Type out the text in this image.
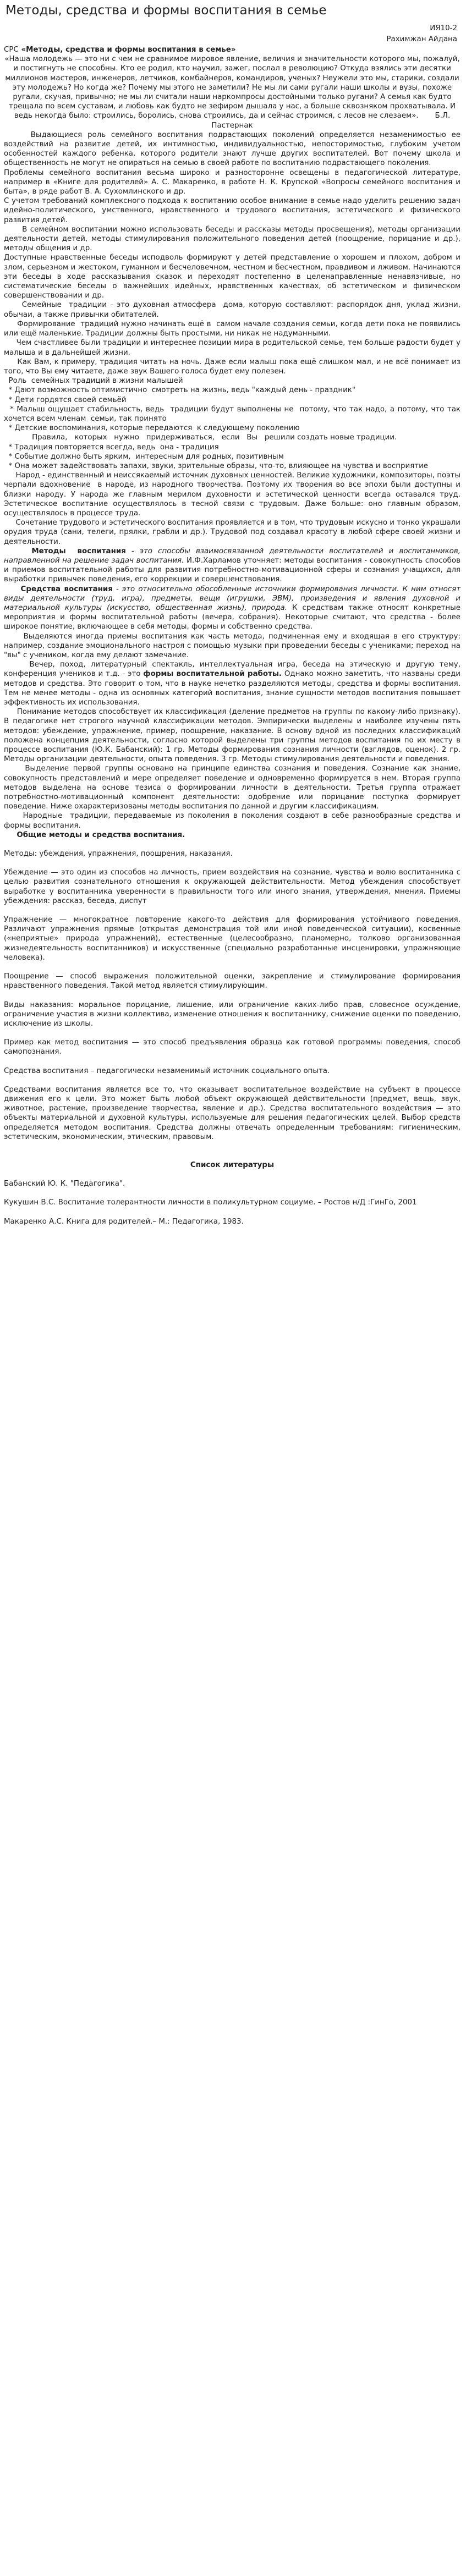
Методы, средства и формы воспитания в семье
ИЯ10-2
Рахимжан Айдана

СРС «Методы, средства и формы воспитания в семье»

«Наша молодежь — это ни с чем не сравнимое мировое явление, величия и значительности которого мы, пожалуй, и постигнуть не способны. Кто ее родил, кто научил, зажег, послал в революцию? Откуда взялись эти десятки миллионов мастеров, инженеров, летчиков, комбайнеров, командиров, ученых? Неужели это мы, старики, создали эту молодежь? Но когда же? Почему мы этого не заметили? Не мы ли сами ругали наши школы и вузы, похоже ругали, скучая, привычно; не мы ли считали наши наркомпросы достойными только ругани? А семья как будто трещала по всем суставам, и любовь как будто не зефиром дышала у нас, а больше сквозняком прохватывала. И ведь некогда было: строились, боролись, снова строились, да и сейчас строимся, с лесов не слезаем».       Б.Л. Пастернак

Выдающиеся роль семейного воспитания подрастающих поколений определяется незаменимостью ее воздействий на развитие детей, их интимностью, индивидуальностью, непосторимостью, глубоким учетом особенностей каждого ребенка, которого родители знают лучше других воспитателей. Вот почему школа и общественность не могут не опираться на семью в своей работе по воспитанию подрастающего поколения.

Проблемы семейного воспитания весьма широко и разносторонне освещены в педагогической литературе, например в «Книге для родителей» А. С. Макаренко, в работе Н. К. Крупской «Вопросы семейного воспитания и быта», в ряде работ В. А. Сухомлинского и др.

С учетом требований комплексного подхода к воспитанию особое внимание в семье надо уделить решению задач идейно-политического, умственного, нравственного и трудового воспитания, эстетического и физического развития детей.

В семейном воспитании можно использовать беседы и рассказы методы просвещения), методы организации деятельности детей, методы стимулирования положительного поведения детей (поощрение, порицание и др.), методы общения и др.

Доступные нравственные беседы исподволь формируют у детей представление о хорошем и плохом, добром и злом, серьезном и жестоком, гуманном и бесчеловечном, честном и бесчестном, правдивом и лживом. Начинаются эти беседы в ходе рассказывания сказок и переходят постепенно в целенаправленные ненавязчивые, но систематические беседы о важнейших идейных, нравственных качествах, об эстетическом и физическом совершенствовании и др.

Семейные  традиции - это духовная атмосфера  дома, которую составляют: распорядок дня, уклад жизни, обычаи, а также привычки обитателей.

Формирование  традиций нужно начинать ещё в  самом начале создания семьи, когда дети пока не появились или ещё маленькие. Традиции должны быть простыми, ни никак не надуманными.

Чем счастливее были традиции и интереснее позиции мира в родительской семье, тем больше радости будет у  малыша и в дальнейшей жизни.

Как Вам, к примеру, традиция читать на ночь. Даже если малыш пока ещё слишком мал, и не всё понимает из того, что Вы ему читаете, даже звук Вашего голоса будет ему полезен.

Роль  семейных традиций в жизни малышей

* Дают возможность оптимистично  смотреть на жизнь, ведь "каждый день - праздник"

* Дети гордятся своей семьёй

* Малыш ощущает стабильность, ведь  традиции будут выполнены не  потому, что так надо, а потому, что так хочется всем членам  семьи, так принято

* Детские воспоминания, которые передаются  к следующему поколению

Правила,   которых   нужно   придерживаться,   если   Вы   решили создать новые традиции.

* Традиция повторяется всегда, ведь  она - традиция

* Событие должно быть ярким,  интересным для родных, позитивным

* Она может задействовать запахи, звуки, зрительные образы, что-то, влияющее на чувства и восприятие

Народ - единственный и неиссякаемый источник духовных ценностей. Великие художники, композиторы, поэты черпали вдохновение  в народе, из народного творчества. Поэтому их творения во все эпохи были доступны и близки народу. У народа же главным мерилом духовности и эстетической ценности всегда оставался труд. Эстетическое воспитание осуществлялось в тесной связи с трудовым. Даже больше: оно главным образом, осуществлялось в процессе труда.

Сочетание трудового и эстетического воспитания проявляется и в том, что трудовым искусно и тонко украшали орудия труда (сани, телеги, прялки, грабли и др.). Трудовой под создавал красоту в любой сфере своей жизни и деятельности.

Методы  воспитания - это способы взаимосвязанной деятельности воспитателей и воспитанников, направленной на решение задач воспитания. И.Ф.Харламов уточняет: методы воспитания - совокупность способов и приемов воспитательной работы для развития потребностно-мотивационной сферы и сознания учащихся, для выработки привычек поведения, его коррекции и совершенствования.

Средства воспитания - это относительно обособленные источники формирования личности. К ним относят виды деятельности (труд, игра), предметы, вещи (игрушки, ЭВМ), произведения и явления духовной и материальной культуры (искусство, общественная жизнь), природа. К средствам также относят конкретные мероприятия и формы воспитательной работы (вечера, собрания). Некоторые считают, что средства - более широкое понятие, включающее в себя методы, формы и собственно средства.

Выделяются иногда приемы воспитания как часть метода, подчиненная ему и входящая в его структуру: например, создание эмоционального настроя с помощью музыки при проведении беседы с учениками; переход на "вы" с учеником, когда ему делают замечание.

Вечер, поход, литературный спектакль, интеллектуальная игра, беседа на этическую и другую тему, конференция учеников и т.д. - это формы воспитательной работы. Однако можно заметить, что названы среди методов и средства. Это говорит о том, что в науке нечетко разделяются методы, средства и формы воспитания. Тем не менее методы - одна из основных категорий воспитания, знание сущности методов воспитания повышает эффективность их использования.

Понимание методов способствует их классификация (деление предметов на группы по какому-либо признаку). В педагогике нет строгого научной классификации методов. Эмпирически выделены и наиболее изучены пять методов: убеждение, упражнение, пример, поощрение, наказание. В основу одной из последних классификаций положена концепция деятельности, согласно которой выделены три группы методов воспитания по их месту в процессе воспитания (Ю.К. Бабанский): 1 гр. Методы формирования сознания личности (взглядов, оценок). 2 гр. Методы организации деятельности, опыта поведения. 3 гр. Методы стимулирования деятельности и поведения.

Выделение первой группы основано на принципе единства сознания и поведения. Сознание как знание, совокупность представлений и мере определяет поведение и одновременно формируется в нем. Вторая группа методов выделена на основе тезиса о формировании личности в деятельности. Третья группа отражает потребностно-мотивационный компонент деятельности: одобрение или порицание поступка формирует поведение. Ниже охарактеризованы методы воспитания по данной и другим классификациям.

Народные  традиции, передаваемые из поколения в поколения создают в себе разнообразные средства и формы воспитания.

Общие методы и средства воспитания.

Методы: убеждения, упражнения, поощрения, наказания.

Убеждение — это один из способов на личность, прием воздействия на сознание, чувства и волю воспитанника с целью развития сознательного отношения к окружающей действительности. Метод убеждения способствует выработке у воспитанника уверенности в правильности того или иного знания, утверждения, мнения. Приемы убеждения: рассказ, беседа, диспут

Упражнение — многократное повторение какого-то действия для формирования устойчивого поведения. Различают упражнения прямые (открытая демонстрация той или иной поведенческой ситуации), косвенные («неприятые» природа упражнений), естественные (целесообразно, планомерно, толково организованная жизнедеятельность воспитанников) и искусственные (специально разработанные инсценировки, упражняющие человека).

Поощрение — способ выражения положительной оценки, закрепление и стимулирование формирования нравственного поведения. Такой метод является стимулирующим.

Виды наказания: моральное порицание, лишение, или ограничение каких-либо прав, словесное осуждение, ограничение участия в жизни коллектива, изменение отношения к воспитаннику, снижение оценки по поведению, исключение из школы.

Пример как метод воспитания — это способ предъявления образца как готовой программы поведения, способ самопознания.

Средства воспитания – педагогически незаменимый источник социального опыта.

Средствами воспитания является все то, что оказывает воспитательное воздействие на субъект в процессе движения его к цели. Это может быть любой объект окружающей действительности (предмет, вещь, звук, животное, растение, произведение творчества, явление и др.). Средства воспитательного воздействия — это объекты материальной и духовной культуры, используемые для решения педагогических целей. Выбор средств определяется методом воспитания. Средства должны отвечать определенным требованиям: гигиеническим, эстетическим, экономическим, этическим, правовым.

Список литературы

Бабанский Ю. К. "Педагогика".

Кукушин В.С. Воспитание толерантности личности в поликультурном социуме. – Ростов н/Д :ГинГо, 2001

Макаренко А.С. Книга для родителей.– М.: Педагогика, 1983.
